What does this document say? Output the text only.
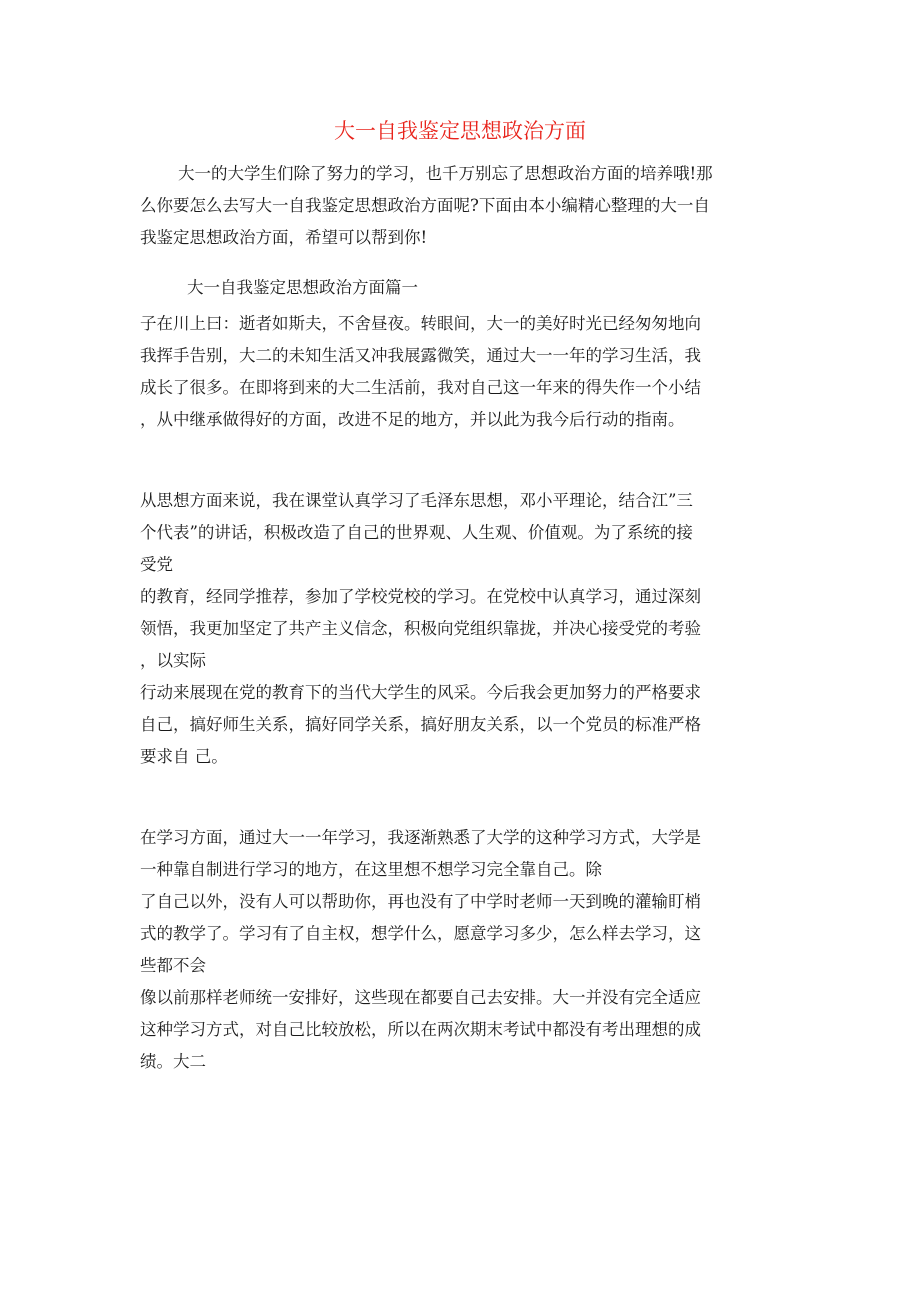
大一自我鉴定思想政治方面
大一的大学生们除了努力的学习，也千万别忘了思想政治方面的培养哦!那
么你要怎么去写大一自我鉴定思想政治方面呢?下面由本小编精心整理的大一自
我鉴定思想政治方面，希望可以帮到你!
大一自我鉴定思想政治方面篇一
子在川上曰：逝者如斯夫，不舍昼夜。转眼间，大一的美好时光已经匆匆地向
我挥手告别，大二的未知生活又冲我展露微笑，通过大一一年的学习生活，我
成长了很多。在即将到来的大二生活前，我对自己这一年来的得失作一个小结
，从中继承做得好的方面，改进不足的地方，并以此为我今后行动的指南。
从思想方面来说，我在课堂认真学习了毛泽东思想，邓小平理论，结合江”三
个代表”的讲话，积极改造了自己的世界观、人生观、价值观。为了系统的接
受党
的教育，经同学推荐，参加了学校党校的学习。在党校中认真学习，通过深刻
领悟，我更加坚定了共产主义信念，积极向党组织靠拢，并决心接受党的考验
，以实际
行动来展现在党的教育下的当代大学生的风采。今后我会更加努力的严格要求
自己，搞好师生关系，搞好同学关系，搞好朋友关系，以一个党员的标准严格
要求自 己。
在学习方面，通过大一一年学习，我逐渐熟悉了大学的这种学习方式，大学是
一种靠自制进行学习的地方，在这里想不想学习完全靠自己。除
了自己以外，没有人可以帮助你，再也没有了中学时老师一天到晚的灌输盯梢
式的教学了。学习有了自主权，想学什么，愿意学习多少，怎么样去学习，这
些都不会
像以前那样老师统一安排好，这些现在都要自己去安排。大一并没有完全适应
这种学习方式，对自己比较放松，所以在两次期末考试中都没有考出理想的成
绩。大二
